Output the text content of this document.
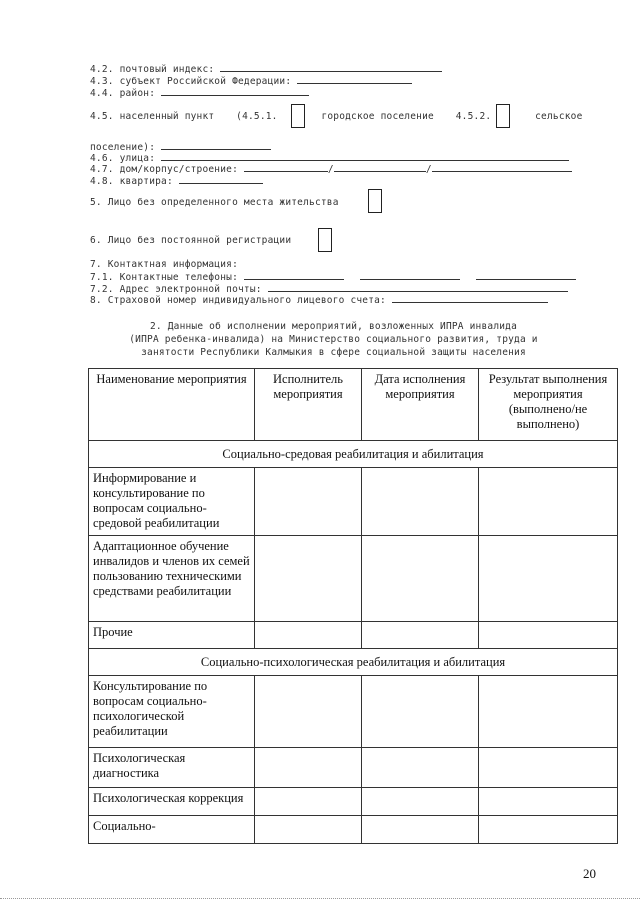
4.2. почтовый индекс:
4.3. субъект Российской Федерации:
4.4. район:
4.5. населенный пункт (4.5.1.	городское поселение 4.5.2.	сельское
поселение):
4.6. улица:
4.7. дом/корпус/строение:	/	/
4.8. квартира:
5. Лицо без определенного места жительства
6. Лицо без постоянной регистрации
7. Контактная информация:
7.1. Контактные телефоны:
7.2. Адрес электронной почты:
8. Страховой номер индивидуального лицевого счета:
2. Данные об исполнении мероприятий, возложенных ИПРА инвалида
(ИПРА ребенка-инвалида) на Министерство социального развития, труда и
занятости Республики Калмыкия в сфере социальной защиты населения
Наименование мероприятия	Исполнитель мероприятия	Дата исполнения мероприятия	Результат выполнения мероприятия (выполнено/не выполнено)
Социально-средовая реабилитация и абилитация			
Информирование и консультирование по вопросам социально-средовой реабилитации			
Адаптационное обучение инвалидов и членов их семей пользованию техническими средствами реабилитации			
Прочие			
Социально-психологическая реабилитация и абилитация			
Консультирование по вопросам социально-психологической реабилитации			
Психологическая диагностика			
Психологическая коррекция			
Социально-			
20
